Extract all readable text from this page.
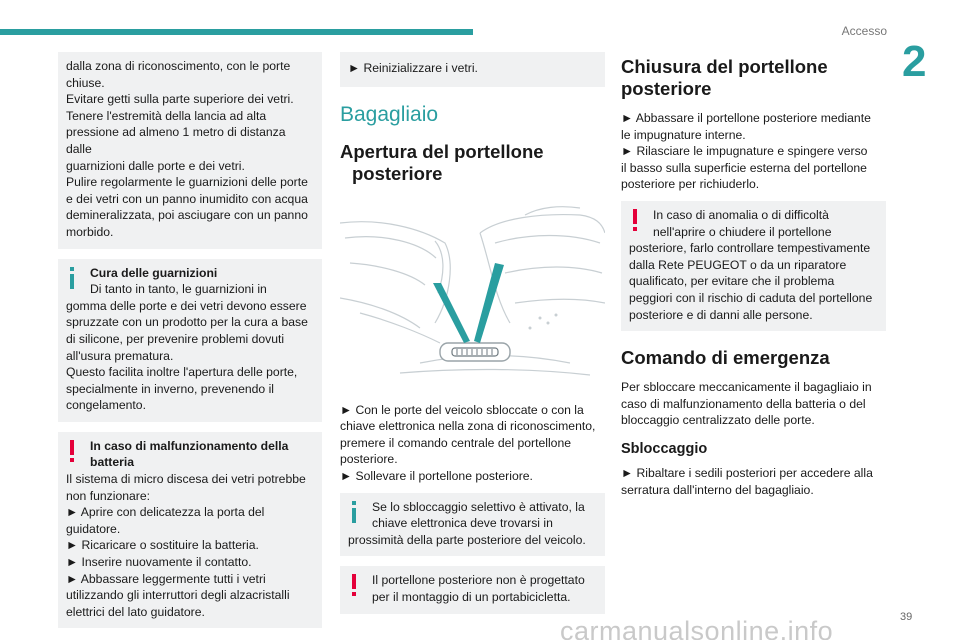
Accesso
2
dalla zona di riconoscimento, con le porte
chiuse.
Evitare getti sulla parte superiore dei vetri.
Tenere l'estremità della lancia ad alta
pressione ad almeno 1 metro di distanza dalle
guarnizioni dalle porte e dei vetri.
Pulire regolarmente le guarnizioni delle porte
e dei vetri con un panno inumidito con acqua
demineralizzata, poi asciugare con un panno
morbido.
Cura delle guarnizioni
Di tanto in tanto, le guarnizioni in
gomma delle porte e dei vetri devono essere
spruzzate con un prodotto per la cura a base
di silicone, per prevenire problemi dovuti
all'usura prematura.
Questo facilita inoltre l'apertura delle porte,
specialmente in inverno, prevenendo il
congelamento.
In caso di malfunzionamento della
batteria
Il sistema di micro discesa dei vetri potrebbe
non funzionare:
► Aprire con delicatezza la porta del
guidatore.
► Ricaricare o sostituire la batteria.
► Inserire nuovamente il contatto.
► Abbassare leggermente tutti i vetri
utilizzando gli interruttori degli alzacristalli
elettrici del lato guidatore.
► Reinizializzare i vetri.
Bagagliaio
Apertura del portellone
posteriore
► Con le porte del veicolo sbloccate o con la
chiave elettronica nella zona di riconoscimento,
premere il comando centrale del portellone
posteriore.
► Sollevare il portellone posteriore.
Se lo sbloccaggio selettivo è attivato, la
chiave elettronica deve trovarsi in
prossimità della parte posteriore del veicolo.
Il portellone posteriore non è progettato
per il montaggio di un portabicicletta.
Chiusura del portellone
posteriore
► Abbassare il portellone posteriore mediante
le impugnature interne.
► Rilasciare le impugnature e spingere verso
il basso sulla superficie esterna del portellone
posteriore per richiuderlo.
In caso di anomalia o di difficoltà
nell'aprire o chiudere il portellone
posteriore, farlo controllare tempestivamente
dalla Rete PEUGEOT o da un riparatore
qualificato, per evitare che il problema
peggiori con il rischio di caduta del portellone
posteriore e di danni alle persone.
Comando di emergenza
Per sbloccare meccanicamente il bagagliaio in
caso di malfunzionamento della batteria o del
bloccaggio centralizzato delle porte.
Sbloccaggio
► Ribaltare i sedili posteriori per accedere alla
serratura dall'interno del bagagliaio.
carmanualsonline.info	39
